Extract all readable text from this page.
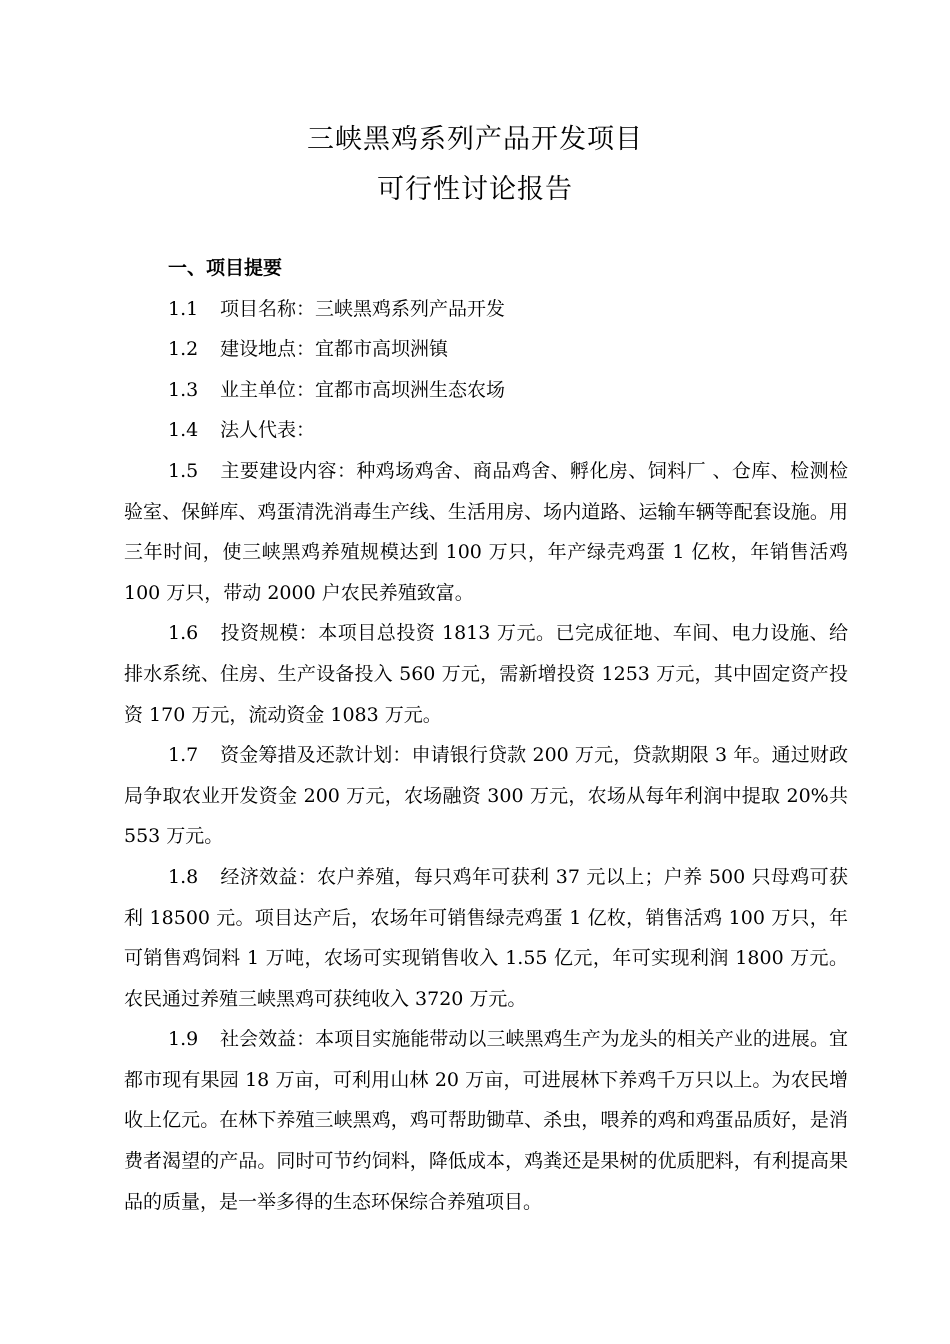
三峡黑鸡系列产品开发项目
可行性讨论报告

一、项目提要

1.1 项目名称：三峡黑鸡系列产品开发

1.2 建设地点：宜都市高坝洲镇

1.3 业主单位：宜都市高坝洲生态农场

1.4 法人代表：

1.5 主要建设内容：种鸡场鸡舍、商品鸡舍、孵化房、饲料厂 、仓库、检测检验室、保鲜库、鸡蛋清洗消毒生产线、生活用房、场内道路、运输车辆等配套设施。用三年时间，使三峡黑鸡养殖规模达到 100 万只，年产绿壳鸡蛋 1 亿枚，年销售活鸡 100 万只，带动 2000 户农民养殖致富。

1.6 投资规模：本项目总投资 1813 万元。已完成征地、车间、电力设施、给排水系统、住房、生产设备投入 560 万元，需新增投资 1253 万元，其中固定资产投资 170 万元，流动资金 1083 万元。

1.7 资金筹措及还款计划：申请银行贷款 200 万元，贷款期限 3 年。通过财政局争取农业开发资金 200 万元，农场融资 300 万元，农场从每年利润中提取 20%共 553 万元。

1.8 经济效益：农户养殖，每只鸡年可获利 37 元以上；户养 500 只母鸡可获利 18500 元。项目达产后，农场年可销售绿壳鸡蛋 1 亿枚，销售活鸡 100 万只，年可销售鸡饲料 1 万吨，农场可实现销售收入 1.55 亿元，年可实现利润 1800 万元。农民通过养殖三峡黑鸡可获纯收入 3720 万元。

1.9 社会效益：本项目实施能带动以三峡黑鸡生产为龙头的相关产业的进展。宜都市现有果园 18 万亩，可利用山林 20 万亩，可进展林下养鸡千万只以上。为农民增收上亿元。在林下养殖三峡黑鸡，鸡可帮助锄草、杀虫，喂养的鸡和鸡蛋品质好，是消费者渴望的产品。同时可节约饲料，降低成本，鸡粪还是果树的优质肥料，有利提高果品的质量，是一举多得的生态环保综合养殖项目。
